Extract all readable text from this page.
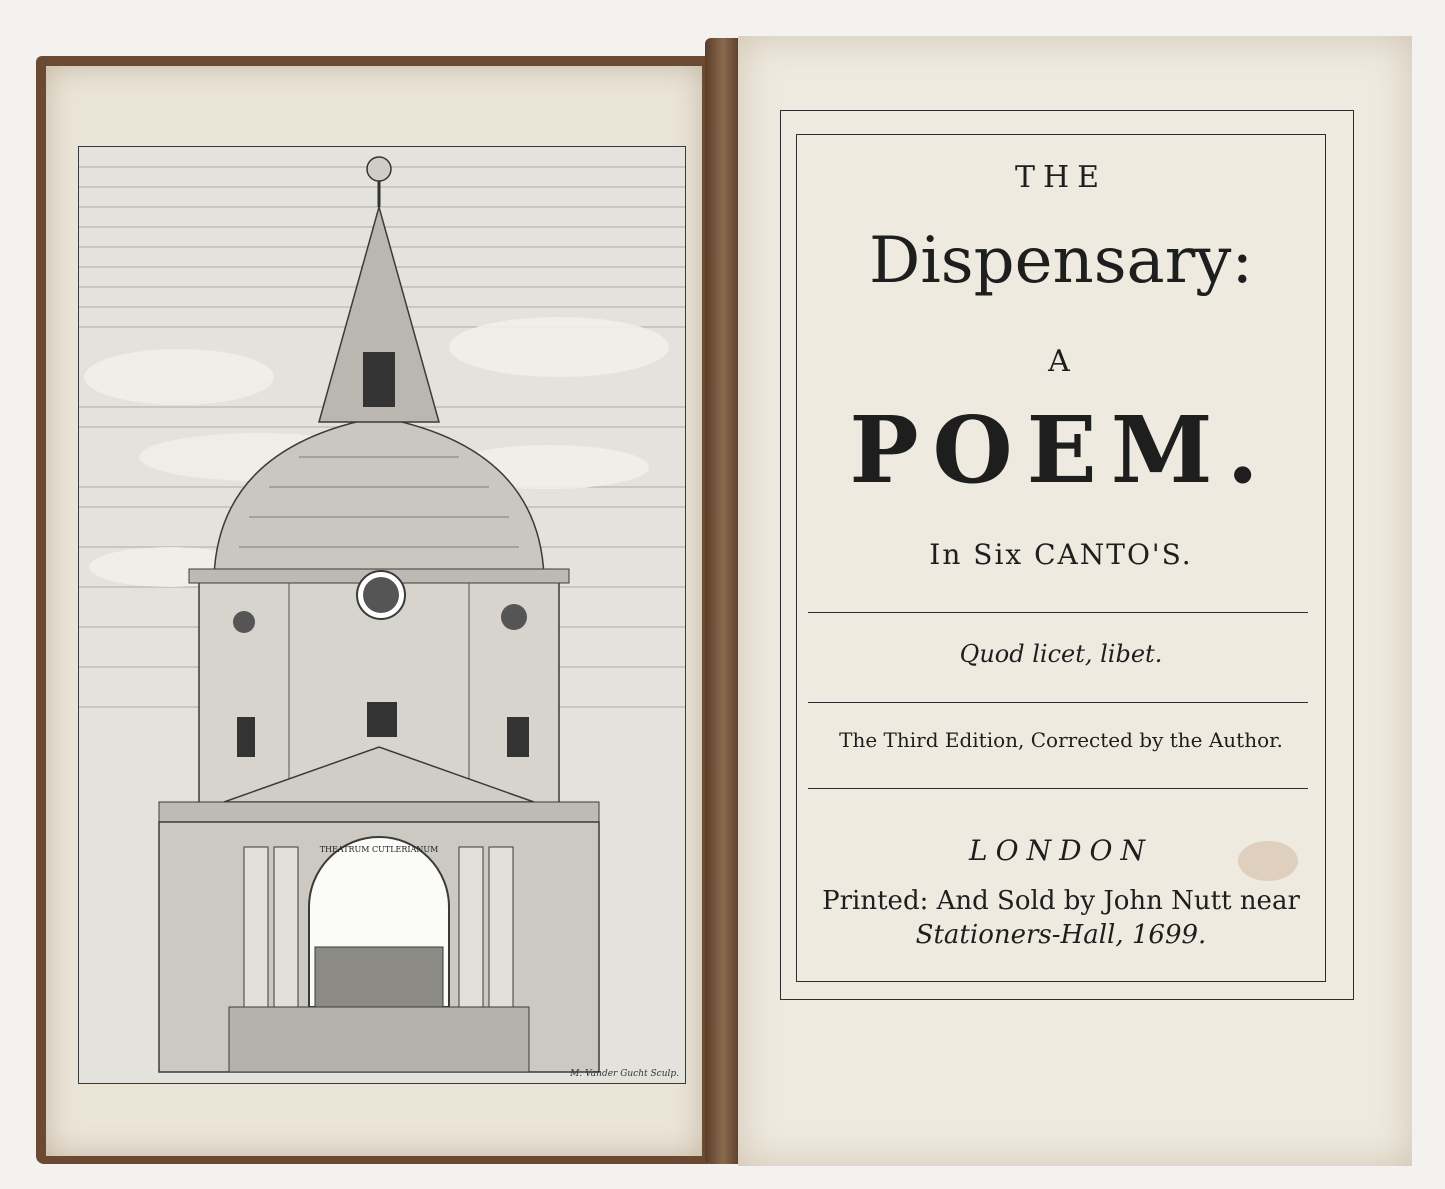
THEATRUM CUTLERIANUM
M. Vander Gucht Sculp.
THE
Dispensary:
A
POEM.
In Six CANTO'S.
Quod licet, libet.
The Third Edition, Corrected by the Author.
LONDON
Printed: And Sold by John Nutt near
Stationers-Hall, 1699.
